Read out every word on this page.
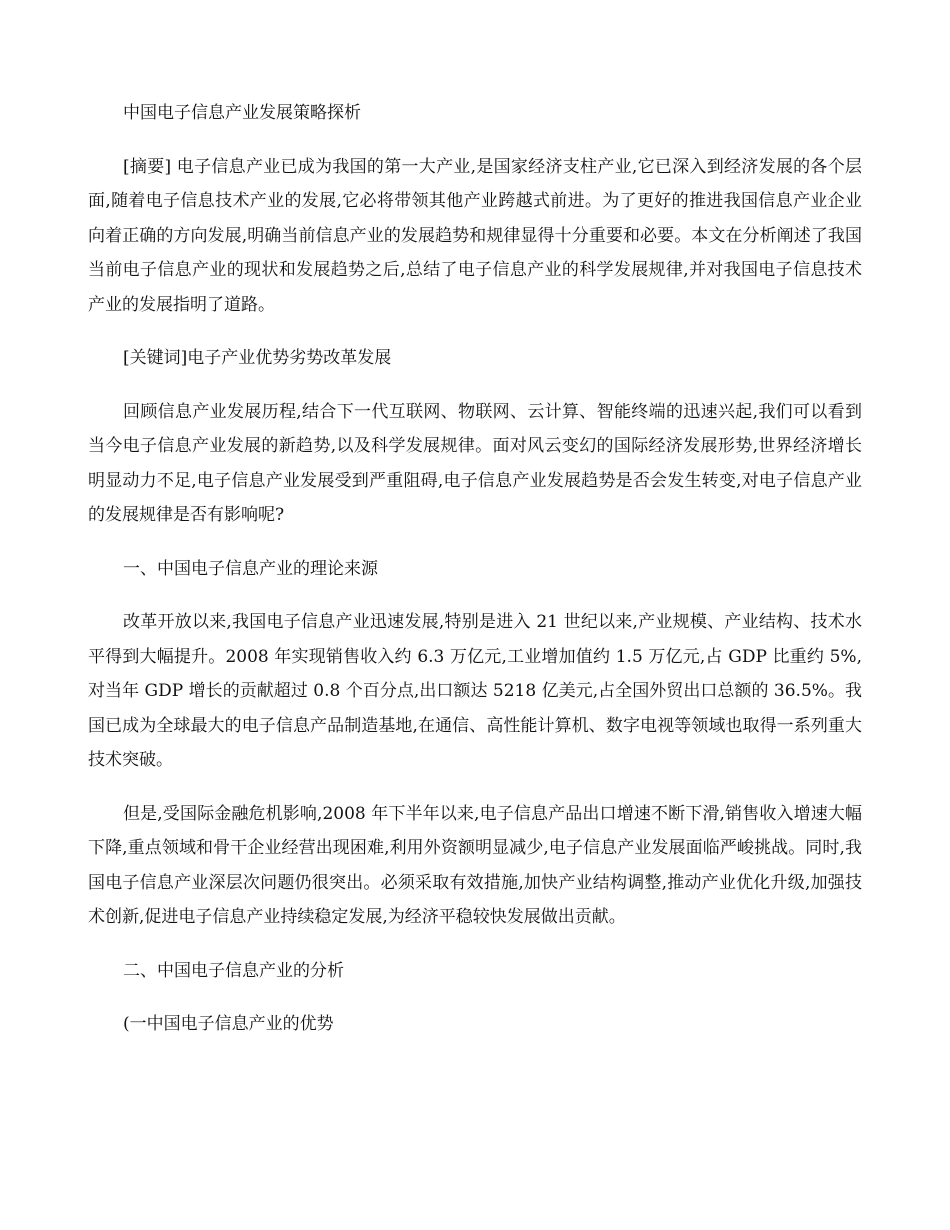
中国电子信息产业发展策略探析

[摘要] 电子信息产业已成为我国的第一大产业,是国家经济支柱产业,它已深入到经济发展的各个层面,随着电子信息技术产业的发展,它必将带领其他产业跨越式前进。为了更好的推进我国信息产业企业向着正确的方向发展,明确当前信息产业的发展趋势和规律显得十分重要和必要。本文在分析阐述了我国当前电子信息产业的现状和发展趋势之后,总结了电子信息产业的科学发展规律,并对我国电子信息技术产业的发展指明了道路。

[关键词]电子产业优势劣势改革发展

回顾信息产业发展历程,结合下一代互联网、物联网、云计算、智能终端的迅速兴起,我们可以看到当今电子信息产业发展的新趋势,以及科学发展规律。面对风云变幻的国际经济发展形势,世界经济增长明显动力不足,电子信息产业发展受到严重阻碍,电子信息产业发展趋势是否会发生转变,对电子信息产业的发展规律是否有影响呢?

一、中国电子信息产业的理论来源

改革开放以来,我国电子信息产业迅速发展,特别是进入 21 世纪以来,产业规模、产业结构、技术水平得到大幅提升。2008 年实现销售收入约 6.3 万亿元,工业增加值约 1.5 万亿元,占 GDP 比重约 5%,对当年 GDP 增长的贡献超过 0.8 个百分点,出口额达 5218 亿美元,占全国外贸出口总额的 36.5%。我国已成为全球最大的电子信息产品制造基地,在通信、高性能计算机、数字电视等领域也取得一系列重大技术突破。

但是,受国际金融危机影响,2008 年下半年以来,电子信息产品出口增速不断下滑,销售收入增速大幅下降,重点领域和骨干企业经营出现困难,利用外资额明显减少,电子信息产业发展面临严峻挑战。同时,我国电子信息产业深层次问题仍很突出。必须采取有效措施,加快产业结构调整,推动产业优化升级,加强技术创新,促进电子信息产业持续稳定发展,为经济平稳较快发展做出贡献。

二、中国电子信息产业的分析

(一中国电子信息产业的优势
